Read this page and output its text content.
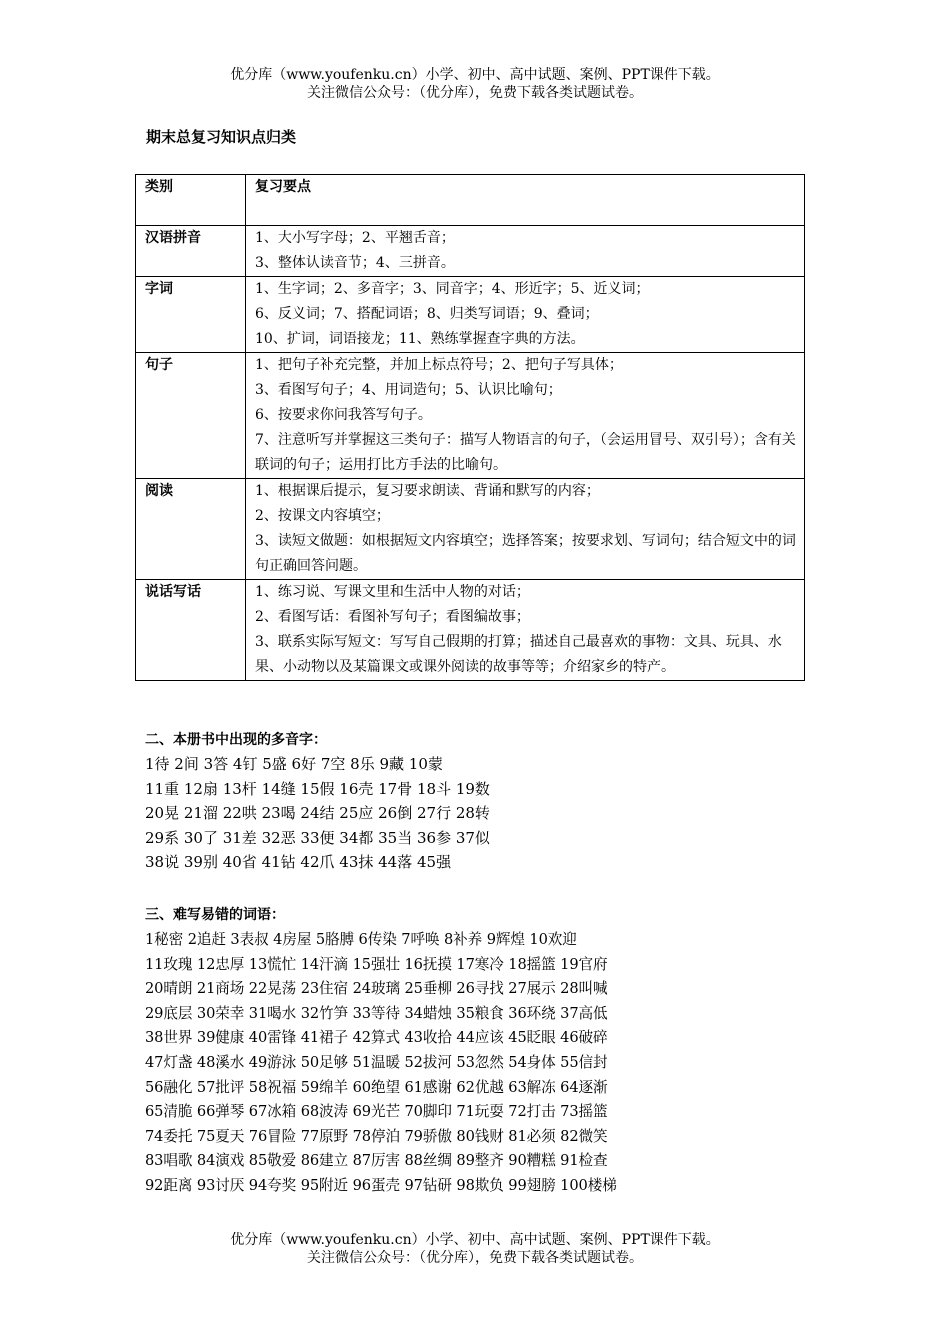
优分库（www.youfenku.cn）小学、初中、高中试题、案例、PPT课件下载。
关注微信公众号：（优分库），免费下载各类试题试卷。
期末总复习知识点归类
类别	复习要点
汉语拼音	1、大小写字母；2、平翘舌音；
3、整体认读音节；4、三拼音。

字词	1、生字词；2、多音字；3、同音字；4、形近字；5、近义词；
6、反义词；7、搭配词语；8、归类写词语；9、叠词；
10、扩词，词语接龙；11、熟练掌握查字典的方法。

句子	1、把句子补充完整，并加上标点符号；2、把句子写具体；
3、看图写句子；4、用词造句；5、认识比喻句；
6、按要求你问我答写句子。
7、注意听写并掌握这三类句子：描写人物语言的句子，（会运用冒号、双引号）；含有关联词的句子；运用打比方手法的比喻句。

阅读	1、根据课后提示，复习要求朗读、背诵和默写的内容；
2、按课文内容填空；
3、读短文做题：如根据短文内容填空；选择答案；按要求划、写词句；结合短文中的词句正确回答问题。

说话写话	1、练习说、写课文里和生活中人物的对话；
2、看图写话：看图补写句子；看图编故事；
3、联系实际写短文：写写自己假期的打算；描述自己最喜欢的事物：文具、玩具、水果、小动物以及某篇课文或课外阅读的故事等等；介绍家乡的特产。
二、本册书中出现的多音字：
1待 2间 3答 4钉 5盛 6好 7空 8乐 9藏 10蒙
11重 12扇 13杆 14缝 15假 16壳 17骨 18斗 19数
20晃 21溜 22哄 23喝 24结 25应 26倒 27行 28转
29系 30了 31差 32恶 33便 34都 35当 36参 37似
38说 39别 40省 41钻 42爪 43抹 44落 45强
三、难写易错的词语：
1秘密 2追赶 3表叔 4房屋 5胳膊 6传染 7呼唤 8补养 9辉煌 10欢迎
11玫瑰 12忠厚 13慌忙 14汗滴 15强壮 16抚摸 17寒冷 18摇篮 19官府
20晴朗 21商场 22晃荡 23住宿 24玻璃 25垂柳 26寻找 27展示 28叫喊
29底层 30荣幸 31喝水 32竹笋 33等待 34蜡烛 35粮食 36环绕 37高低
38世界 39健康 40雷锋 41裙子 42算式 43收拾 44应该 45眨眼 46破碎
47灯盏 48溪水 49游泳 50足够 51温暖 52拔河 53忽然 54身体 55信封
56融化 57批评 58祝福 59绵羊 60绝望 61感谢 62优越 63解冻 64逐渐
65清脆 66弹琴 67冰箱 68波涛 69光芒 70脚印 71玩耍 72打击 73摇篮
74委托 75夏天 76冒险 77原野 78停泊 79骄傲 80钱财 81必须 82微笑
83唱歌 84演戏 85敬爱 86建立 87厉害 88丝绸 89整齐 90糟糕 91检查
92距离 93讨厌 94夸奖 95附近 96蛋壳 97钻研 98欺负 99翅膀 100楼梯
优分库（www.youfenku.cn）小学、初中、高中试题、案例、PPT课件下载。
关注微信公众号：（优分库），免费下载各类试题试卷。
